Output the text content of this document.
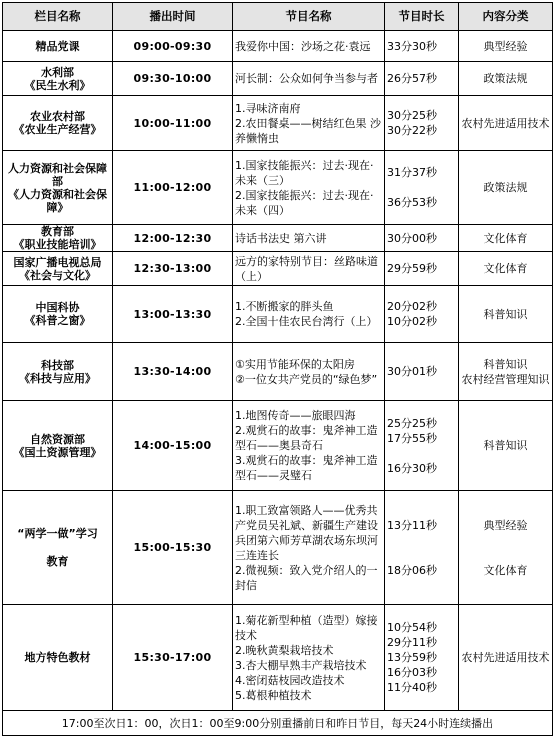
栏目名称	播出时间	节目名称	节目时长	内容分类

精品党课	09:00-09:30	我爱你中国：沙场之花·袁远	33分30秒	典型经验

水利部
《民生水利》	09:30-10:00	河长制：公众如何争当参与者	26分57秒	政策法规

农业农村部
《农业生产经营》	10:00-11:00	1.寻味济南府
2.农田餐桌——树结红色果 沙养懒惰虫	30分25秒
30分22秒	农村先进适用技术

人力资源和社会保障部
《人力资源和社会保障》	11:00-12:00	1.国家技能振兴：过去·现在·未来（三）
2.国家技能振兴：过去·现在·未来（四）	31分37秒
36分53秒	政策法规

教育部
《职业技能培训》	12:00-12:30	诗话书法史 第六讲	30分00秒	文化体育

国家广播电视总局
《社会与文化》	12:30-13:00	远方的家特别节目：丝路味道（上）	29分59秒	文化体育

中国科协
《科普之窗》	13:00-13:30	1.不断搬家的胖头鱼
2.全国十佳农民台湾行（上）	20分02秒
10分02秒	科普知识

科技部
《科技与应用》	13:30-14:00	①实用节能环保的太阳房
②一位女共产党员的“绿色梦”	30分01秒	科普知识
农村经营管理知识

自然资源部
《国土资源管理》	14:00-15:00	1.地图传奇——旅眼四海
2.观赏石的故事：鬼斧神工造型石——奥县奇石
3.观赏石的故事：鬼斧神工造型石——灵璧石	25分25秒
17分55秒
16分30秒	科普知识

“两学一做”学习
教育	15:00-15:30	1.职工致富领路人——优秀共产党员吴礼斌、新疆生产建设兵团第六师芳草湖农场东坝河三连连长
2.微视频：致入党介绍人的一封信	13分11秒
18分06秒	典型经验
文化体育

地方特色教材	15:30-17:00	1.菊花新型种植（造型）嫁接技术
2.晚秋黄梨栽培技术
3.杏大棚早熟丰产栽培技术
4.密闭菇枝园改造技术
5.葛根种植技术	10分54秒
29分11秒
13分59秒
16分03秒
11分40秒	农村先进适用技术

17:00至次日1：00，次日1：00至9:00分别重播前日和昨日节目，每天24小时连续播出				
